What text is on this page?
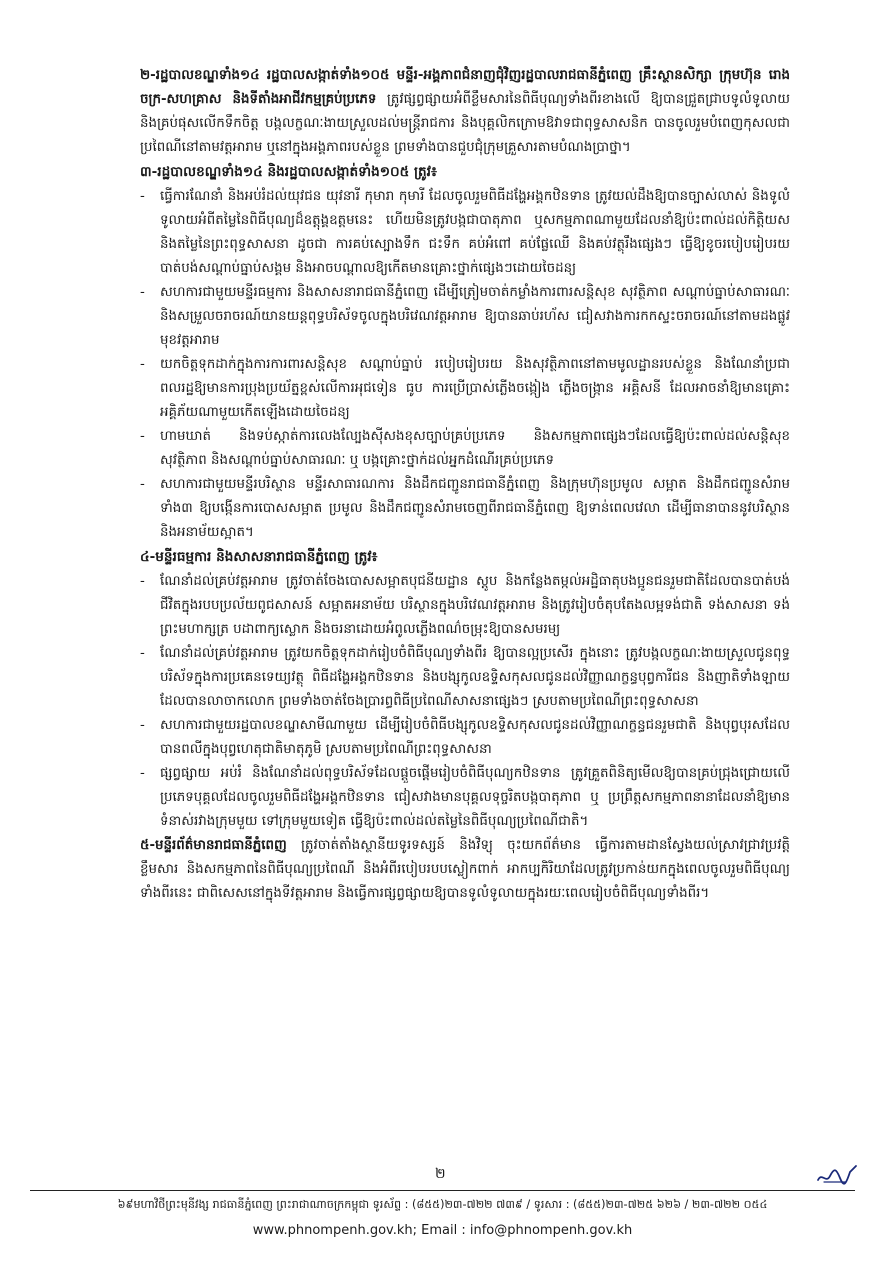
២-រដ្ឋបាលខណ្ឌទាំង១៤ រដ្ឋបាលសង្កាត់ទាំង១០៥ មន្ទីរ-អង្គភាពជំនាញជុំវិញរដ្ឋបាលរាជធានីភ្នំពេញ គ្រឹះស្ថានសិក្សា ក្រុមហ៊ុន រោងចក្រ-សហគ្រាស និងទីតាំងអាជីវកម្មគ្រប់ប្រភេទ ត្រូវផ្សព្វផ្សាយអំពីខ្លឹមសារនៃពិធីបុណ្យទាំងពីរខាងលើ ឱ្យបានជ្រួតជ្រាបទូលំទូលាយ និងគ្រប់ផុសលើកទឹកចិត្ត បង្កលក្ខណៈងាយស្រួលដល់មន្ត្រីរាជការ និងបុគ្គលិកក្រោមឱវាទជាពុទ្ធសាសនិក បានចូលរួមបំពេញកុសលជាប្រពៃណីនៅតាមវត្តអារាម ឬនៅក្នុងអង្គភាពរបស់ខ្លួន ព្រមទាំងបានជួបជុំក្រុមគ្រួសារតាមបំណងប្រាថ្នា។

៣-រដ្ឋបាលខណ្ឌទាំង១៤ និងរដ្ឋបាលសង្កាត់ទាំង១០៥ ត្រូវ៖

- ធ្វើការណែនាំ និងអប់រំដល់យុវជន យុវនារី កុមារា កុមារី ដែលចូលរួមពិធីដង្ហែអង្គកឋិនទាន ត្រូវយល់ដឹងឱ្យបានច្បាស់លាស់ និងទូលំទូលាយអំពីតម្លៃនៃពិធីបុណ្យដ៏ឧត្តុង្គឧត្តមនេះ ហើយមិនត្រូវបង្កជាបាតុភាព ឬសកម្មភាពណាមួយដែលនាំឱ្យប៉ះពាល់ដល់កិត្តិយស និងតម្លៃនៃព្រះពុទ្ធសាសនា ដូចជា ការគប់ស្បោងទឹក ជះទឹក គប់អំពៅ គប់ផ្លែឈើ និងគប់វត្ថុរឹងផ្សេងៗ ធ្វើឱ្យខូចរបៀបរៀបរយ បាត់បង់សណ្តាប់ធ្នាប់សង្គម និងអាចបណ្តាលឱ្យកើតមានគ្រោះថ្នាក់ផ្សេងៗដោយចៃដន្យ

- សហការជាមួយមន្ទីរធម្មការ និងសាសនារាជធានីភ្នំពេញ ដើម្បីត្រៀមចាត់កម្លាំងការពារសន្តិសុខ សុវត្ថិភាព សណ្តាប់ធ្នាប់សាធារណៈ និងសម្រួលចរាចរណ៍យានយន្តពុទ្ធបរិស័ទចូលក្នុងបរិវេណវត្តអារាម ឱ្យបានឆាប់រហ័ស ជៀសវាងការកកស្ទះចរាចរណ៍នៅតាមដងផ្លូវមុខវត្តអារាម

- យកចិត្តទុកដាក់ក្នុងការការពារសន្តិសុខ សណ្តាប់ធ្នាប់ របៀបរៀបរយ និងសុវត្ថិភាពនៅតាមមូលដ្ឋានរបស់ខ្លួន និងណែនាំប្រជាពលរដ្ឋឱ្យមានការប្រុងប្រយ័ត្នខ្ពស់លើការអុជទៀន ធូប ការប្រើប្រាស់ភ្លើងចង្កៀង ភ្លើងចង្ក្រាន អគ្គិសនី ដែលអាចនាំឱ្យមានគ្រោះអគ្គិភ័យណាមួយកើតឡើងដោយចៃដន្យ

- ហាមឃាត់ និងទប់ស្កាត់ការលេងល្បែងស៊ីសងខុសច្បាប់គ្រប់ប្រភេទ និងសកម្មភាពផ្សេងៗដែលធ្វើឱ្យប៉ះពាល់ដល់សន្តិសុខ សុវត្ថិភាព និងសណ្តាប់ធ្នាប់សាធារណៈ ឬ បង្កគ្រោះថ្នាក់ដល់អ្នកដំណើរគ្រប់ប្រភេទ

- សហការជាមួយមន្ទីរបរិស្ថាន មន្ទីរសាធារណការ និងដឹកជញ្ជូនរាជធានីភ្នំពេញ និងក្រុមហ៊ុនប្រមូល សម្អាត និងដឹកជញ្ជូនសំរាមទាំង៣ ឱ្យបង្កើនការបោសសម្អាត ប្រមូល និងដឹកជញ្ជូនសំរាមចេញពីរាជធានីភ្នំពេញ ឱ្យទាន់ពេលវេលា ដើម្បីធានាបាននូវបរិស្ថាន និងអនាម័យស្អាត។

៤-មន្ទីរធម្មការ និងសាសនារាជធានីភ្នំពេញ ត្រូវ៖

- ណែនាំដល់គ្រប់វត្តអារាម ត្រូវចាត់ចែងបោសសម្អាតបុជនីយដ្ឋាន ស្តូប និងកន្លែងតម្កល់អដ្ឋិធាតុបងប្អូនជនរួមជាតិដែលបានបាត់បង់ជីវិតក្នុងរបបប្រល័យពូជសាសន៍ សម្អាតអនាម័យ បរិស្ថានក្នុងបរិវេណវត្តអារាម និងត្រូវរៀបចំតុបតែងលម្អទង់ជាតិ ទង់សាសនា ទង់ព្រះមហាក្សត្រ បដាពាក្យស្លោក និងចរនាដោយអំពូលភ្លើងពណ៌ចម្រុះឱ្យបានសមរម្យ

- ណែនាំដល់គ្រប់វត្តអារាម ត្រូវយកចិត្តទុកដាក់រៀបចំពិធីបុណ្យទាំងពីរ ឱ្យបានល្អប្រសើរ ក្នុងនោះ ត្រូវបង្កលក្ខណៈងាយស្រួលជូនពុទ្ធបរិស័ទក្នុងការប្រគេនទេយ្យវត្ថុ ពិធីដង្ហែអង្គកឋិនទាន និងបង្សុកូលឧទ្ទិសកុសលជូនដល់វិញ្ញាណក្ខន្ធបុព្វការីជន និងញាតិទាំងឡាយដែលបានលាចាកលោក ព្រមទាំងចាត់ចែងប្រារព្ធពិធីប្រពៃណីសាសនាផ្សេងៗ ស្របតាមប្រពៃណីព្រះពុទ្ធសាសនា

- សហការជាមួយរដ្ឋបាលខណ្ឌសាមីណាមួយ ដើម្បីរៀបចំពិធីបង្សុកូលឧទ្ទិសកុសលជូនដល់វិញ្ញាណក្ខន្ធជនរួមជាតិ និងបុព្វបុរសដែលបានពលីក្នុងបុព្វហេតុជាតិមាតុភូមិ ស្របតាមប្រពៃណីព្រះពុទ្ធសាសនា

- ផ្សព្វផ្សាយ អប់រំ និងណែនាំដល់ពុទ្ធបរិស័ទដែលផ្តួចផ្តើមរៀបចំពិធីបុណ្យកឋិនទាន ត្រូវគ្រួតពិនិត្យមើលឱ្យបានគ្រប់ជ្រុងជ្រោយលើប្រភេទបុគ្គលដែលចូលរួមពិធីដង្ហែអង្គកឋិនទាន ជៀសវាងមានបុគ្គលទុច្ចរិតបង្កបាតុភាព ឬ ប្រព្រឹត្តសកម្មភាពនានាដែលនាំឱ្យមានទំនាស់រវាងក្រុមមួយ ទៅក្រុមមួយទៀត ធ្វើឱ្យប៉ះពាល់ដល់តម្លៃនៃពិធីបុណ្យប្រពៃណីជាតិ។

៥-មន្ទីរព័ត៌មានរាជធានីភ្នំពេញ ត្រូវចាត់តាំងស្ថានីយទូរទស្សន៍ និងវិទ្យុ ចុះយកព័ត៌មាន ធ្វើការតាមដានស្វែងយល់ស្រាវជ្រាវប្រវត្តិ ខ្លឹមសារ និងសកម្មភាពនៃពិធីបុណ្យប្រពៃណី និងអំពីរបៀបរបបស្លៀកពាក់ អាកប្បកិរិយាដែលត្រូវប្រកាន់យកក្នុងពេលចូលរួមពិធីបុណ្យទាំងពីរនេះ ជាពិសេសនៅក្នុងទីវត្តអារាម និងធ្វើការផ្សព្វផ្សាយឱ្យបានទូលំទូលាយក្នុងរយៈពេលរៀបចំពិធីបុណ្យទាំងពីរ។

២
៦៩មហាវិថីព្រះមុនីវង្ស រាជធានីភ្នំពេញ ព្រះរាជាណាចក្រកម្ពុជា ទូរស័ព្ទ : (៨៥៥)២៣-៧២២ ៧៣៩ / ទូរសារ : (៨៥៥)២៣-៧២៥ ៦២៦ / ២៣-៧២២ ០៥៤
www.phnompenh.gov.kh; Email : info@phnompenh.gov.kh
